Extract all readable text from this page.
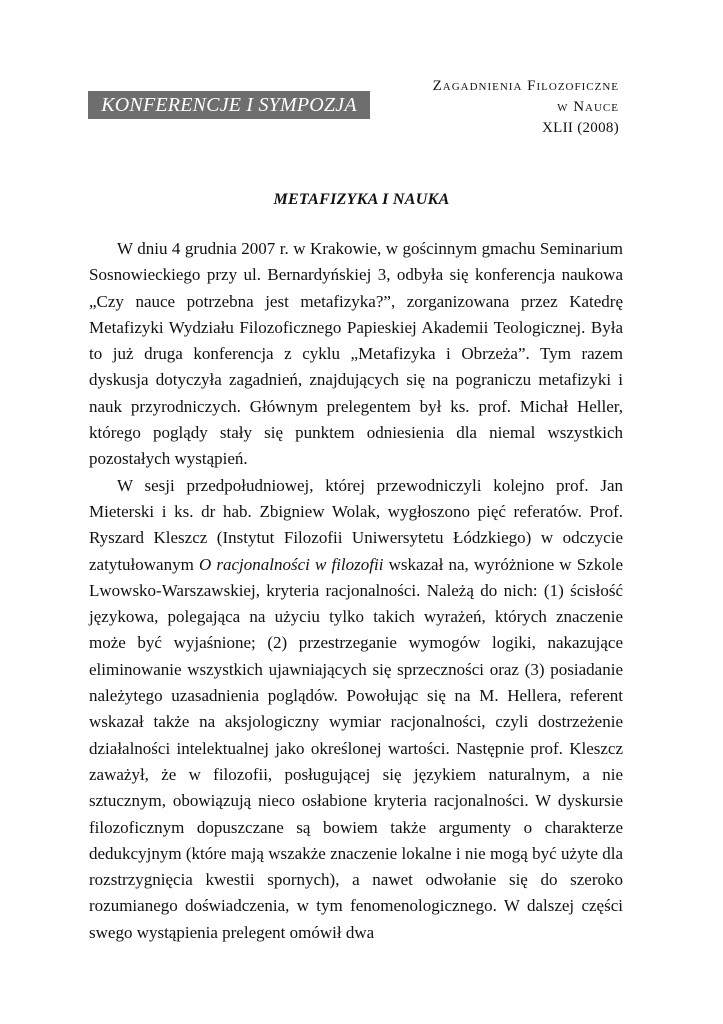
KONFERENCJE I SYMPOZJA
Zagadnienia Filozoficzne
w Nauce
XLII (2008)
METAFIZYKA I NAUKA

W dniu 4 grudnia 2007 r. w Krakowie, w gościnnym gmachu Seminarium Sosnowieckiego przy ul. Bernardyńskiej 3, odbyła się konferencja naukowa „Czy nauce potrzebna jest metafizyka?”, zorganizowana przez Katedrę Metafizyki Wydziału Filozoficznego Papieskiej Akademii Teologicznej. Była to już druga konferencja z cyklu „Metafizyka i Obrzeża”. Tym razem dyskusja dotyczyła zagadnień, znajdujących się na pograniczu metafizyki i nauk przyrodniczych. Głównym prelegentem był ks. prof. Michał Heller, którego poglądy stały się punktem odniesienia dla niemal wszystkich pozostałych wystąpień.

W sesji przedpołudniowej, której przewodniczyli kolejno prof. Jan Mieterski i ks. dr hab. Zbigniew Wolak, wygłoszono pięć referatów. Prof. Ryszard Kleszcz (Instytut Filozofii Uniwersytetu Łódzkiego) w odczycie zatytułowanym O racjonalności w filozofii wskazał na, wyróżnione w Szkole Lwowsko-Warszawskiej, kryteria racjonalności. Należą do nich: (1) ścisłość językowa, polegająca na użyciu tylko takich wyrażeń, których znaczenie może być wyjaśnione; (2) przestrzeganie wymogów logiki, nakazujące eliminowanie wszystkich ujawniających się sprzeczności oraz (3) posiadanie należytego uzasadnienia poglądów. Powołując się na M. Hellera, referent wskazał także na aksjologiczny wymiar racjonalności, czyli dostrzeżenie działalności intelektualnej jako określonej wartości. Następnie prof. Kleszcz zaważył, że w filozofii, posługującej się językiem naturalnym, a nie sztucznym, obowiązują nieco osłabione kryteria racjonalności. W dyskursie filozoficznym dopuszczane są bowiem także argumenty o charakterze dedukcyjnym (które mają wszakże znaczenie lokalne i nie mogą być użyte dla rozstrzygnięcia kwestii spornych), a nawet odwołanie się do szeroko rozumianego doświadczenia, w tym fenomenologicznego. W dalszej części swego wystąpienia prelegent omówił dwa
